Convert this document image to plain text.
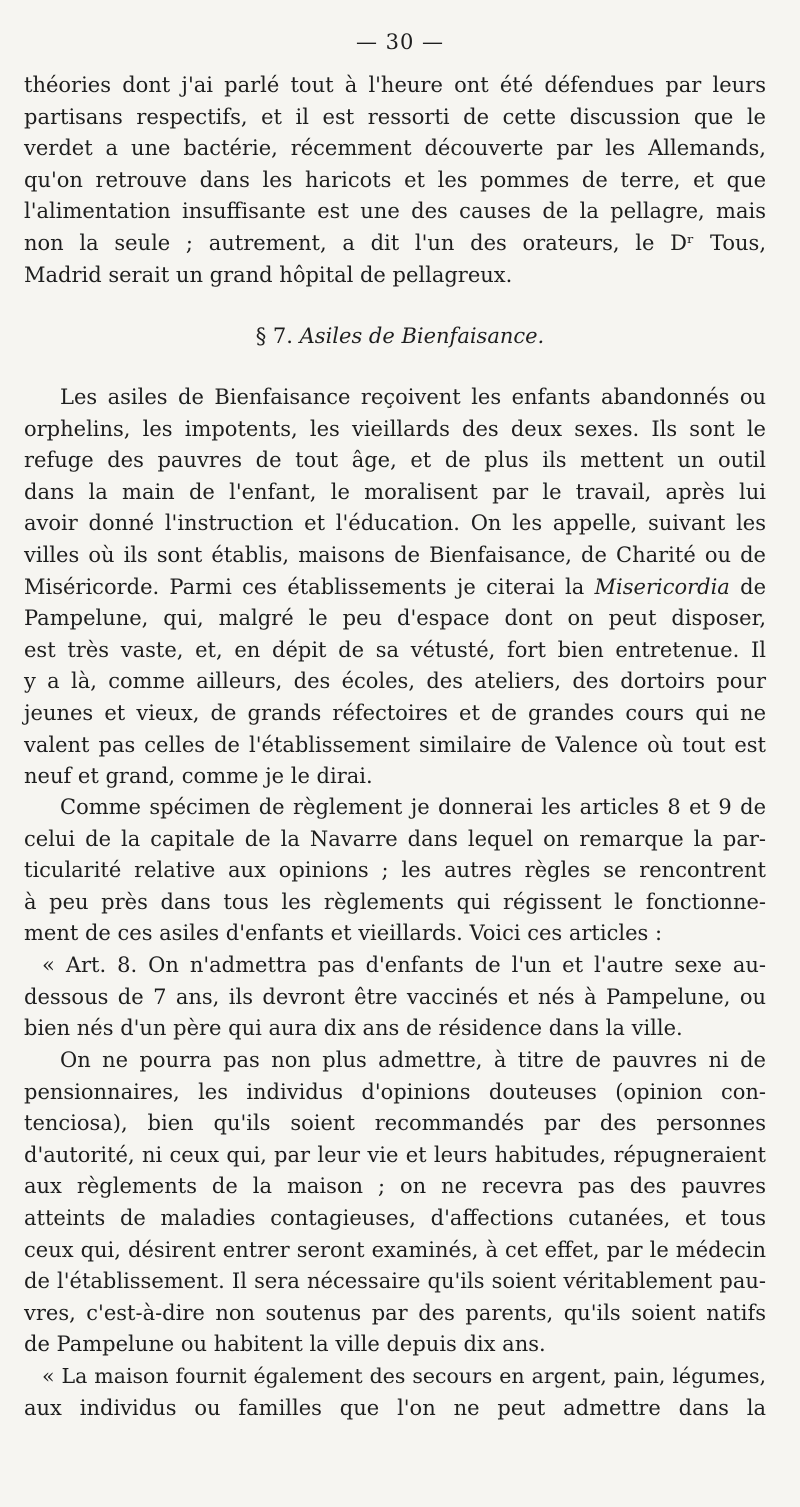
— 30 —
théories dont j'ai parlé tout à l'heure ont été défendues par leurs
partisans respectifs, et il est ressorti de cette discussion que le
verdet a une bactérie, récemment découverte par les Allemands,
qu'on retrouve dans les haricots et les pommes de terre, et que
l'alimentation insuffisante est une des causes de la pellagre, mais
non la seule ; autrement, a dit l'un des orateurs, le Dʳ Tous,
Madrid serait un grand hôpital de pellagreux.
§ 7. Asiles de Bienfaisance.
Les asiles de Bienfaisance reçoivent les enfants abandonnés ou
orphelins, les impotents, les vieillards des deux sexes. Ils sont le
refuge des pauvres de tout âge, et de plus ils mettent un outil
dans la main de l'enfant, le moralisent par le travail, après lui
avoir donné l'instruction et l'éducation. On les appelle, suivant les
villes où ils sont établis, maisons de Bienfaisance, de Charité ou de
Miséricorde. Parmi ces établissements je citerai la Misericordia de
Pampelune, qui, malgré le peu d'espace dont on peut disposer,
est très vaste, et, en dépit de sa vétusté, fort bien entretenue. Il
y a là, comme ailleurs, des écoles, des ateliers, des dortoirs pour
jeunes et vieux, de grands réfectoires et de grandes cours qui ne
valent pas celles de l'établissement similaire de Valence où tout est
neuf et grand, comme je le dirai.
Comme spécimen de règlement je donnerai les articles 8 et 9 de
celui de la capitale de la Navarre dans lequel on remarque la par-
ticularité relative aux opinions ; les autres règles se rencontrent
à peu près dans tous les règlements qui régissent le fonctionne-
ment de ces asiles d'enfants et vieillards. Voici ces articles :
« Art. 8. On n'admettra pas d'enfants de l'un et l'autre sexe au-
dessous de 7 ans, ils devront être vaccinés et nés à Pampelune, ou
bien nés d'un père qui aura dix ans de résidence dans la ville.
On ne pourra pas non plus admettre, à titre de pauvres ni de
pensionnaires, les individus d'opinions douteuses (opinion con-
tenciosa), bien qu'ils soient recommandés par des personnes
d'autorité, ni ceux qui, par leur vie et leurs habitudes, répugneraient
aux règlements de la maison ; on ne recevra pas des pauvres
atteints de maladies contagieuses, d'affections cutanées, et tous
ceux qui, désirent entrer seront examinés, à cet effet, par le médecin
de l'établissement. Il sera nécessaire qu'ils soient véritablement pau-
vres, c'est-à-dire non soutenus par des parents, qu'ils soient natifs
de Pampelune ou habitent la ville depuis dix ans.
« La maison fournit également des secours en argent, pain, légumes,
aux individus ou familles que l'on ne peut admettre dans la
